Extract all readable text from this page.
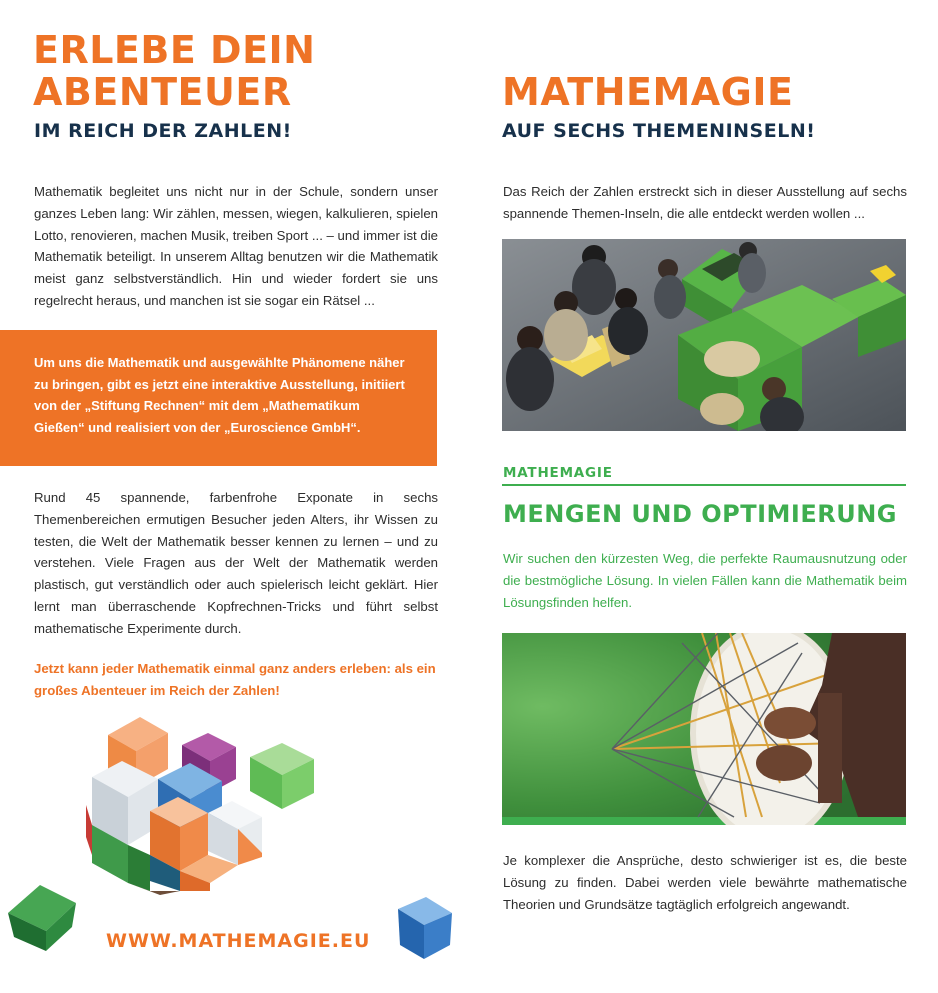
ERLEBE DEIN
ABENTEUER
IM REICH DER ZAHLEN!

Mathematik begleitet uns nicht nur in der Schule, sondern unser ganzes Leben lang: Wir zählen, messen, wiegen, kalkulieren, spielen Lotto, renovieren, machen Musik, treiben Sport ... – und immer ist die Mathematik beteiligt. In unserem Alltag benutzen wir die Mathematik meist ganz selbstverständlich. Hin und wieder fordert sie uns regelrecht heraus, und manchen ist sie sogar ein Rätsel ...

Um uns die Mathematik und ausgewählte Phänomene näher zu bringen, gibt es jetzt eine interaktive Ausstellung, initiiert von der „Stiftung Rechnen“ mit dem „Mathematikum Gießen“ und realisiert von der „Euroscience GmbH“.

Rund 45 spannende, farbenfrohe Exponate in sechs Themenbereichen ermutigen Besucher jeden Alters, ihr Wissen zu testen, die Welt der Mathematik besser kennen zu lernen – und zu verstehen. Viele Fragen aus der Welt der Mathematik werden plastisch, gut verständlich oder auch spielerisch leicht geklärt. Hier lernt man überraschende Kopfrechnen-Tricks und führt selbst mathematische Experimente durch.

Jetzt kann jeder Mathematik einmal ganz anders erleben: als ein großes Abenteuer im Reich der Zahlen!

WWW.MATHEMAGIE.EU
MATHEMAGIE
AUF SECHS THEMENINSELN!

Das Reich der Zahlen erstreckt sich in dieser Ausstellung auf sechs spannende Themen-Inseln, die alle entdeckt werden wollen ...

MATHEMAGIE
MENGEN UND OPTIMIERUNG

Wir suchen den kürzesten Weg, die perfekte Raumausnutzung oder die bestmögliche Lösung. In vielen Fällen kann die Mathematik beim Lösungsfinden helfen.

Je komplexer die Ansprüche, desto schwieriger ist es, die beste Lösung zu finden. Dabei werden viele bewährte mathematische Theorien und Grundsätze tagtäglich erfolgreich angewandt.
